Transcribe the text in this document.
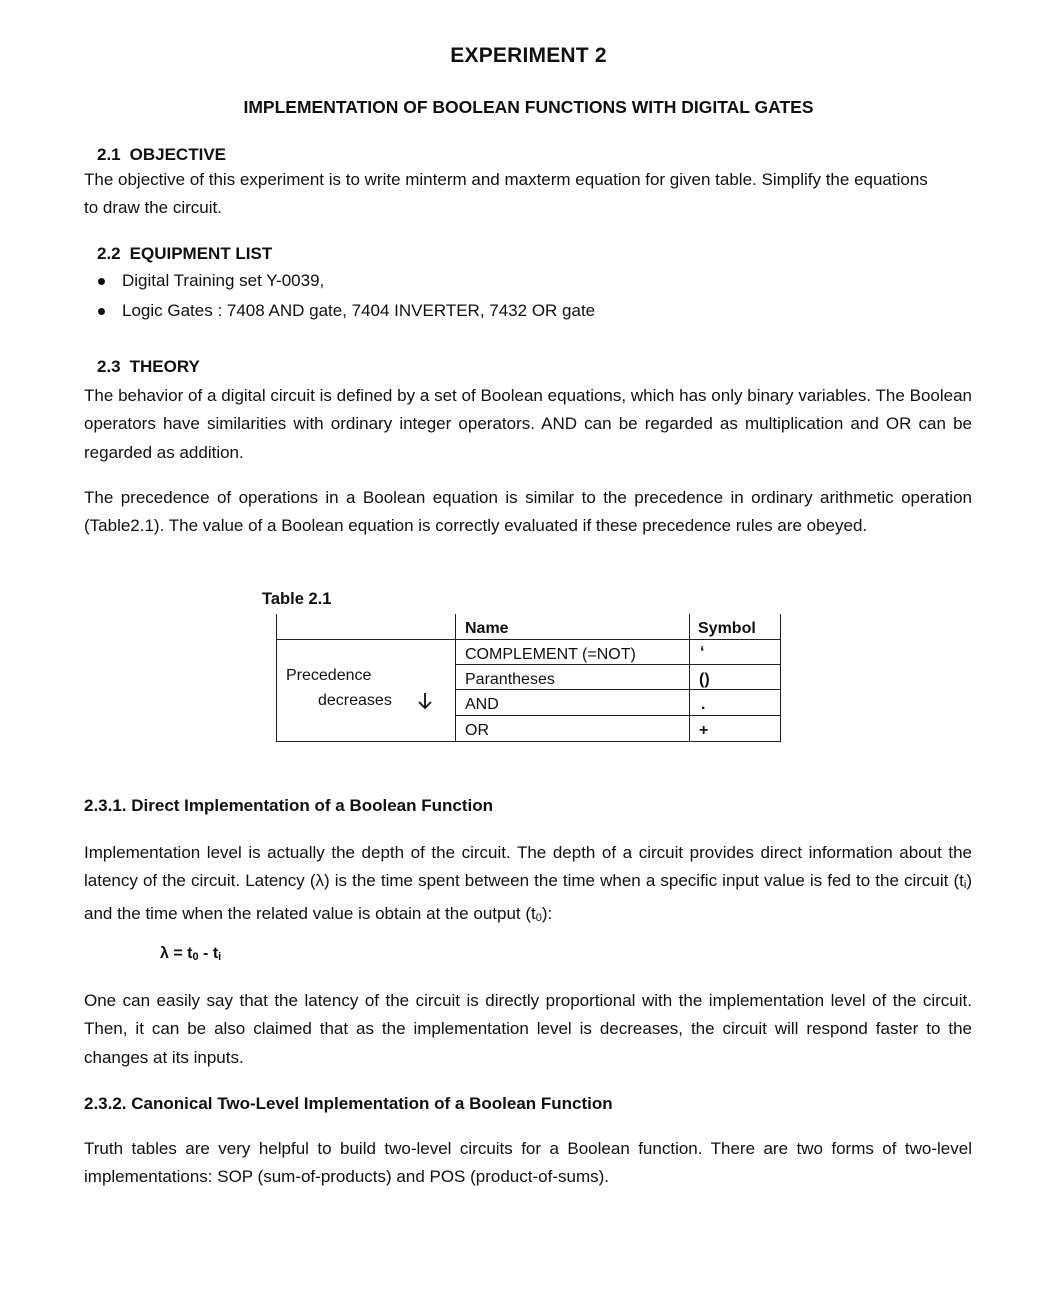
EXPERIMENT 2
IMPLEMENTATION OF BOOLEAN FUNCTIONS WITH DIGITAL GATES
2.1 OBJECTIVE
The objective of this experiment is to write minterm and maxterm equation for given table. Simplify the equations to draw the circuit.
2.2 EQUIPMENT LIST
Digital Training set Y-0039,
Logic Gates : 7408 AND gate, 7404 INVERTER, 7432 OR gate
2.3 THEORY
The behavior of a digital circuit is defined by a set of Boolean equations, which has only binary variables. The Boolean operators have similarities with ordinary integer operators. AND can be regarded as multiplication and OR can be regarded as addition.
The precedence of operations in a Boolean equation is similar to the precedence in ordinary arithmetic operation (Table2.1). The value of a Boolean equation is correctly evaluated if these precedence rules are obeyed.
Table 2.1
Name	Symbol
Precedence
decreases
COMPLEMENT (=NOT)	‘
Parantheses	()
AND	.
OR	+
2.3.1. Direct Implementation of a Boolean Function
Implementation level is actually the depth of the circuit. The depth of a circuit provides direct information about the latency of the circuit. Latency (λ) is the time spent between the time when a specific input value is fed to the circuit $(t_i)$ and the time when the related value is obtain at the output $(t_0)$:
$\lambda = t_0 - t_i$
One can easily say that the latency of the circuit is directly proportional with the implementation level of the circuit. Then, it can be also claimed that as the implementation level is decreases, the circuit will respond faster to the changes at its inputs.
2.3.2. Canonical Two-Level Implementation of a Boolean Function
Truth tables are very helpful to build two-level circuits for a Boolean function. There are two forms of two-level implementations: SOP (sum-of-products) and POS (product-of-sums).
